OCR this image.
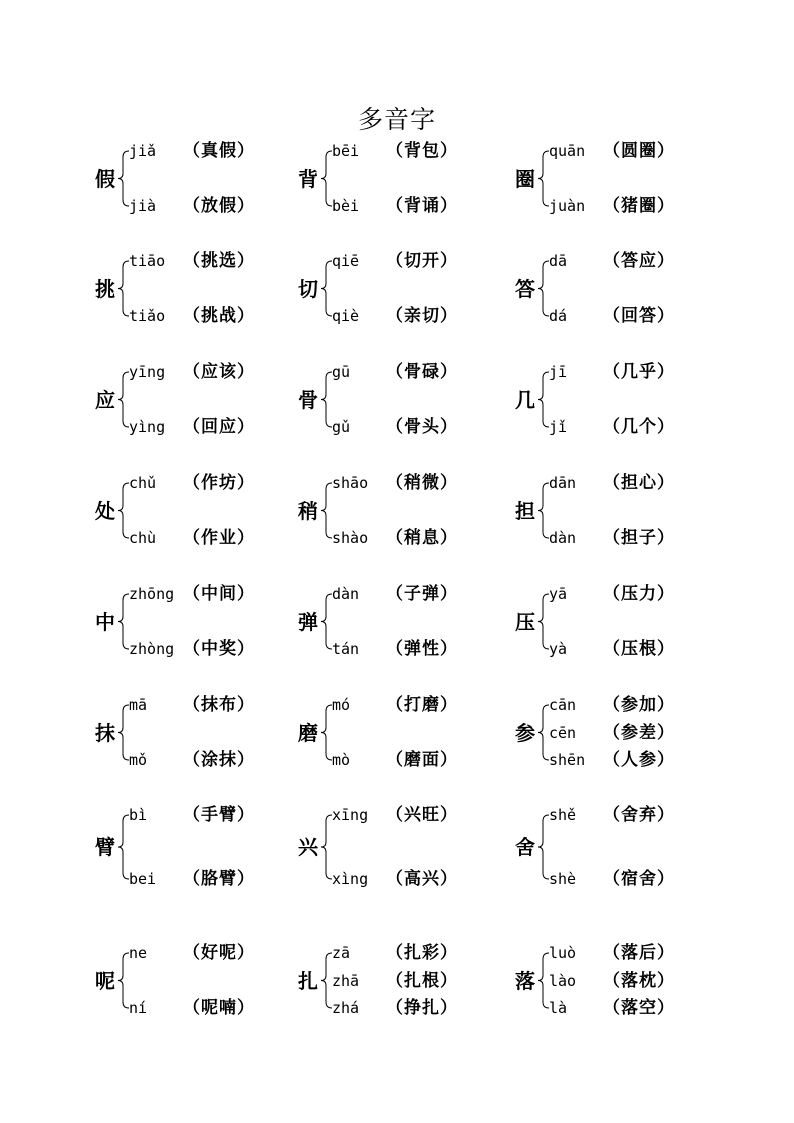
多音字
假
jiǎ （真假）
jià （放假）
挑
tiāo （挑选）
tiǎo （挑战）
应
yīng （应该）
yìng （回应）
处
chǔ （作坊）
chù （作业）
中
zhōng （中间）
zhòng （中奖）
抹
mā （抹布）
mǒ （涂抹）
臂
bì （手臂）
bei （胳臂）
呢
ne （好呢）
ní （呢喃）
背
bēi （背包）
bèi （背诵）
切
qiē （切开）
qiè （亲切）
骨
gū （骨碌）
gǔ （骨头）
稍
shāo （稍微）
shào （稍息）
弹
dàn （子弹）
tán （弹性）
磨
mó （打磨）
mò （磨面）
兴
xīng （兴旺）
xìng （高兴）
扎
zā （扎彩）
zhā （扎根）
zhá （挣扎）
圈
quān （圆圈）
juàn （猪圈）
答
dā （答应）
dá （回答）
几
jī （几乎）
jǐ （几个）
担
dān （担心）
dàn （担子）
压
yā （压力）
yà （压根）
参
cān （参加）
cēn （参差）
shēn （人参）
舍
shě （舍弃）
shè （宿舍）
落
luò （落后）
lào （落枕）
là （落空）
